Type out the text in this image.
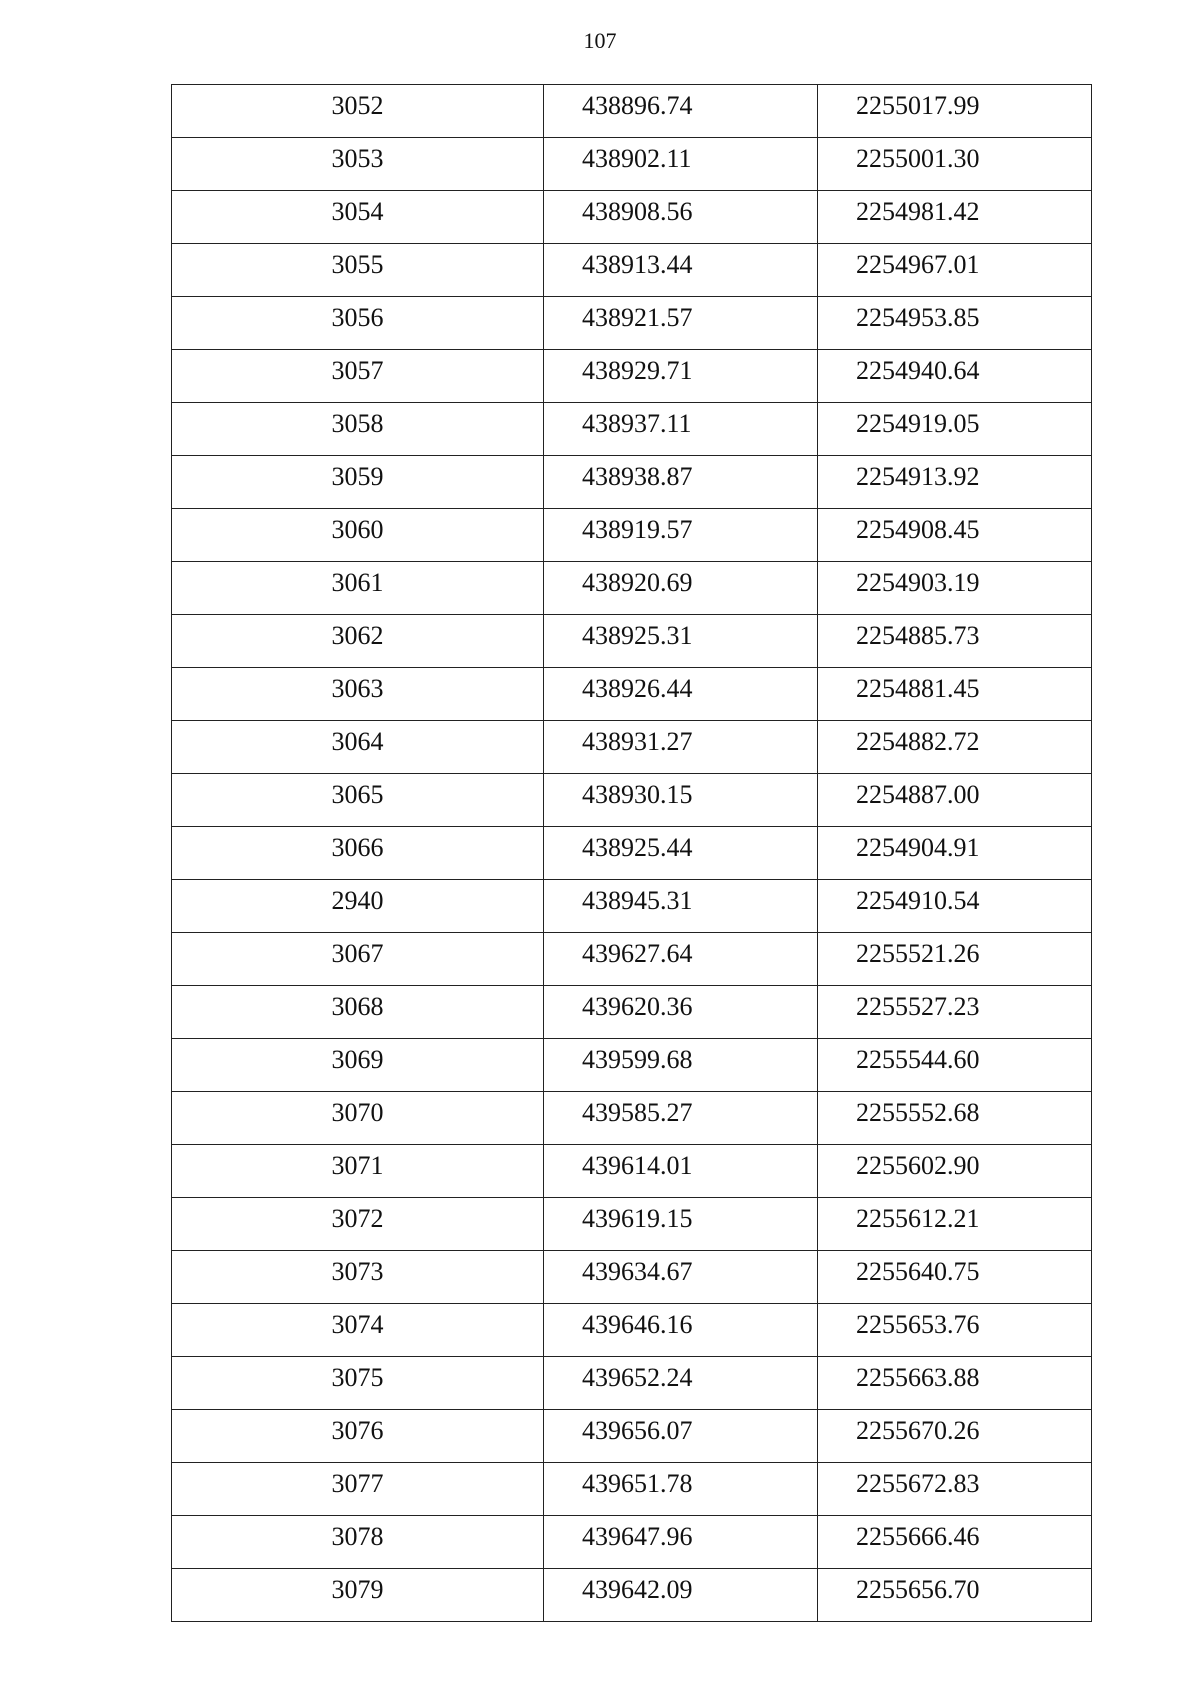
107
3052	438896.74	2255017.99

3053	438902.11	2255001.30

3054	438908.56	2254981.42

3055	438913.44	2254967.01

3056	438921.57	2254953.85

3057	438929.71	2254940.64

3058	438937.11	2254919.05

3059	438938.87	2254913.92

3060	438919.57	2254908.45

3061	438920.69	2254903.19

3062	438925.31	2254885.73

3063	438926.44	2254881.45

3064	438931.27	2254882.72

3065	438930.15	2254887.00

3066	438925.44	2254904.91

2940	438945.31	2254910.54

3067	439627.64	2255521.26

3068	439620.36	2255527.23

3069	439599.68	2255544.60

3070	439585.27	2255552.68

3071	439614.01	2255602.90

3072	439619.15	2255612.21

3073	439634.67	2255640.75

3074	439646.16	2255653.76

3075	439652.24	2255663.88

3076	439656.07	2255670.26

3077	439651.78	2255672.83

3078	439647.96	2255666.46

3079	439642.09	2255656.70
